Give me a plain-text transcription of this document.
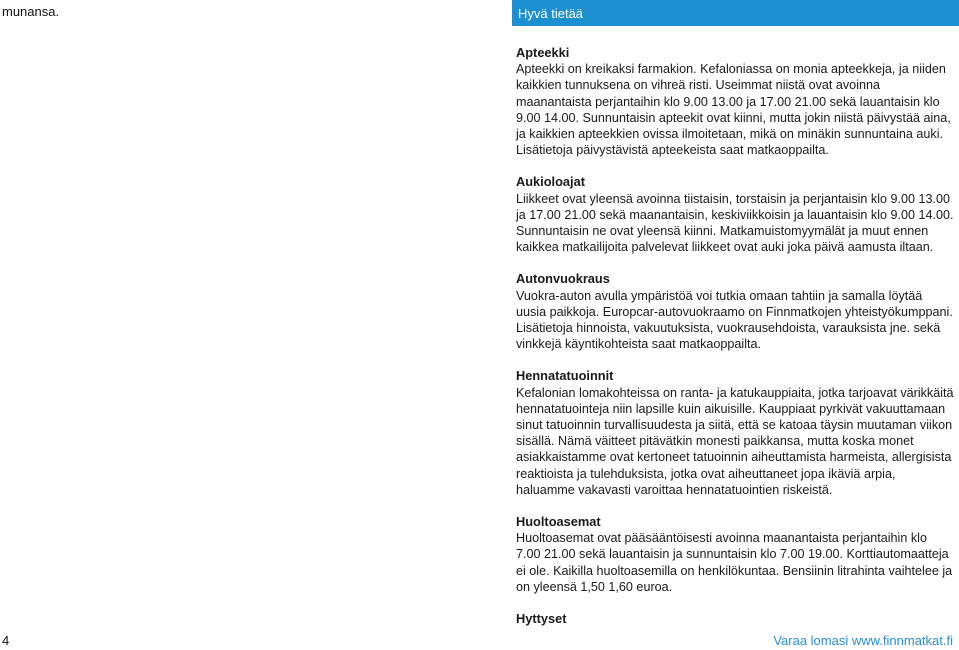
munansa.	Hyvä tietää
Apteekki

Apteekki on kreikaksi farmakion. Kefaloniassa on monia apteekkeja, ja niiden kaikkien tunnuksena on vihreä risti. Useimmat niistä ovat avoinna maanantaista perjantaihin klo 9.00 13.00 ja 17.00 21.00 sekä lauantaisin klo 9.00 14.00. Sunnuntaisin apteekit ovat kiinni, mutta jokin niistä päivystää aina, ja kaikkien apteekkien ovissa ilmoitetaan, mikä on minäkin sunnuntaina auki. Lisätietoja päivystävistä apteekeista saat matkaoppailta.

Aukioloajat

Liikkeet ovat yleensä avoinna tiistaisin, torstaisin ja perjantaisin klo 9.00 13.00 ja 17.00 21.00 sekä maanantaisin, keskiviikkoisin ja lauantaisin klo 9.00 14.00. Sunnuntaisin ne ovat yleensä kiinni. Matkamuistomyymälät ja muut ennen kaikkea matkailijoita palvelevat liikkeet ovat auki joka päivä aamusta iltaan.

Autonvuokraus

Vuokra-auton avulla ympäristöä voi tutkia omaan tahtiin ja samalla löytää uusia paikkoja. Europcar-autovuokraamo on Finnmatkojen yhteistyökumppani. Lisätietoja hinnoista, vakuutuksista, vuokrausehdoista, varauksista jne. sekä vinkkejä käyntikohteista saat matkaoppailta.

Hennatatuoinnit

Kefalonian lomakohteissa on ranta- ja katukauppiaita, jotka tarjoavat värikkäitä hennatatuointeja niin lapsille kuin aikuisille. Kauppiaat pyrkivät vakuuttamaan sinut tatuoinnin turvallisuudesta ja siitä, että se katoaa täysin muutaman viikon sisällä. Nämä väitteet pitävätkin monesti paikkansa, mutta koska monet asiakkaistamme ovat kertoneet tatuoinnin aiheuttamista harmeista, allergisista reaktioista ja tulehduksista, jotka ovat aiheuttaneet jopa ikäviä arpia, haluamme vakavasti varoittaa hennatatuointien riskeistä.

Huoltoasemat

Huoltoasemat ovat pääsääntöisesti avoinna maanantaista perjantaihin klo 7.00 21.00 sekä lauantaisin ja sunnuntaisin klo 7.00 19.00. Korttiautomaatteja ei ole. Kaikilla huoltoasemilla on henkilökuntaa. Bensiinin litrahinta vaihtelee ja on yleensä 1,50 1,60 euroa.

Hyttyset
4	Varaa lomasi www.finnmatkat.fi
